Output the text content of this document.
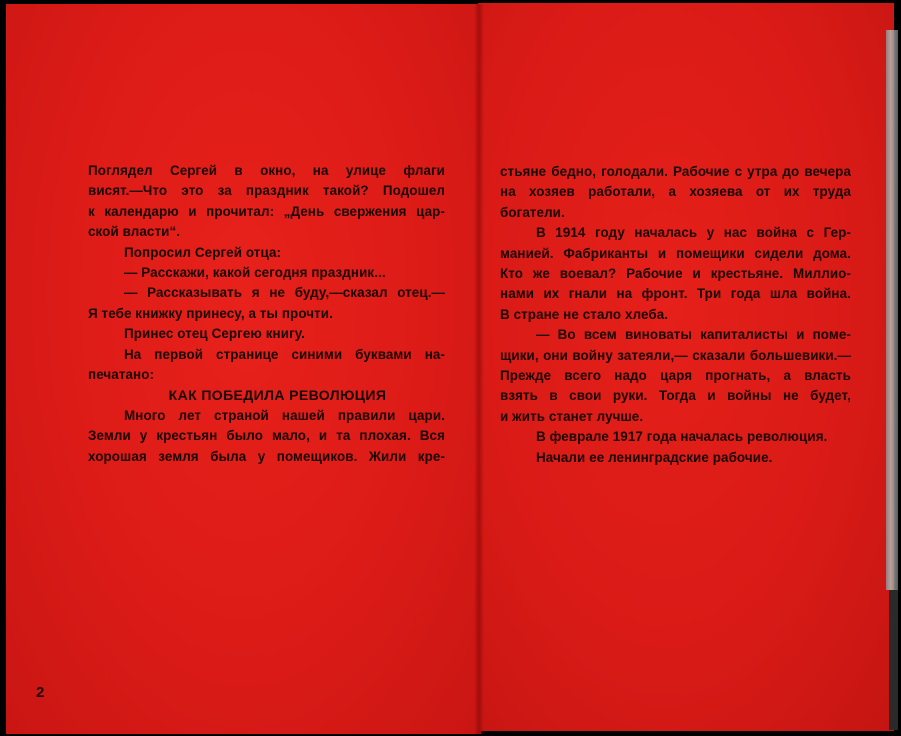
Поглядел Сергей в окно, на улице флаги
висят.—Что это за праздник такой? Подошел
к календарю и прочитал: „День свержения цар-
ской власти“.
Попросил Сергей отца:
— Расскажи, какой сегодня праздник...
— Рассказывать я не буду,—сказал отец.—
Я тебе книжку принесу, а ты прочти.
Принес отец Сергею книгу.
На первой странице синими буквами на-
печатано:
КАК ПОБЕДИЛА РЕВОЛЮЦИЯ
Много лет страной нашей правили цари.
Земли у крестьян было мало, и та плохая. Вся
хорошая земля была у помещиков. Жили кре-
2
стьяне бедно, голодали. Рабочие с утра до вечера
на хозяев работали, а хозяева от их труда
богатели.
В 1914 году началась у нас война с Гер-
манией. Фабриканты и помещики сидели дома.
Кто же воевал? Рабочие и крестьяне. Миллио-
нами их гнали на фронт. Три года шла война.
В стране не стало хлеба.
— Во всем виноваты капиталисты и поме-
щики, они войну затеяли,— сказали большевики.—
Прежде всего надо царя прогнать, а власть
взять в свои руки. Тогда и войны не будет,
и жить станет лучше.
В феврале 1917 года началась революция.
Начали ее ленинградские рабочие.
